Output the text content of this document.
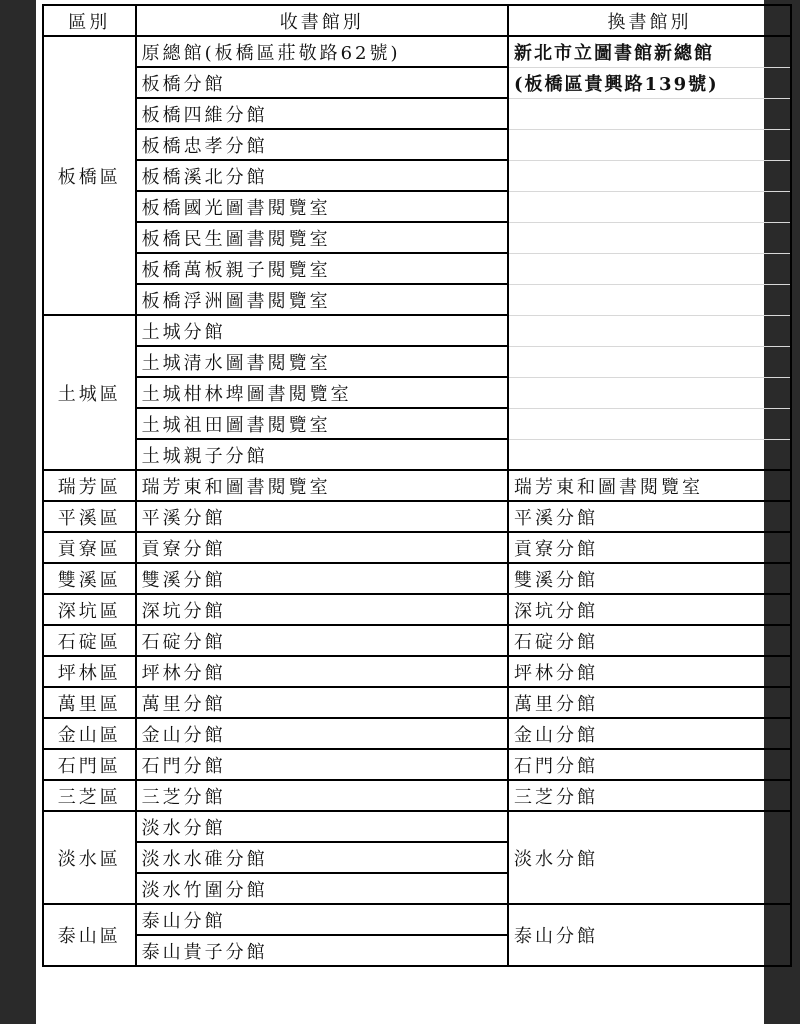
區別	收書館別	換書館別
板橋區	原總館(板橋區莊敬路62號)	新北市立圖書館新總館
	板橋分館	(板橋區貴興路139號)
	板橋四維分館	
	板橋忠孝分館	
	板橋溪北分館	
	板橋國光圖書閱覽室	
	板橋民生圖書閱覽室	
	板橋萬板親子閱覽室	
	板橋浮洲圖書閱覽室	
土城區	土城分館	
	土城清水圖書閱覽室	
	土城柑林埤圖書閱覽室	
	土城祖田圖書閱覽室	
	土城親子分館	
瑞芳區	瑞芳東和圖書閱覽室	瑞芳東和圖書閱覽室
平溪區	平溪分館	平溪分館
貢寮區	貢寮分館	貢寮分館
雙溪區	雙溪分館	雙溪分館
深坑區	深坑分館	深坑分館
石碇區	石碇分館	石碇分館
坪林區	坪林分館	坪林分館
萬里區	萬里分館	萬里分館
金山區	金山分館	金山分館
石門區	石門分館	石門分館
三芝區	三芝分館	三芝分館
淡水區	淡水分館	淡水分館
	淡水水碓分館	
	淡水竹圍分館	
泰山區	泰山分館	泰山分館
	泰山貴子分館	
